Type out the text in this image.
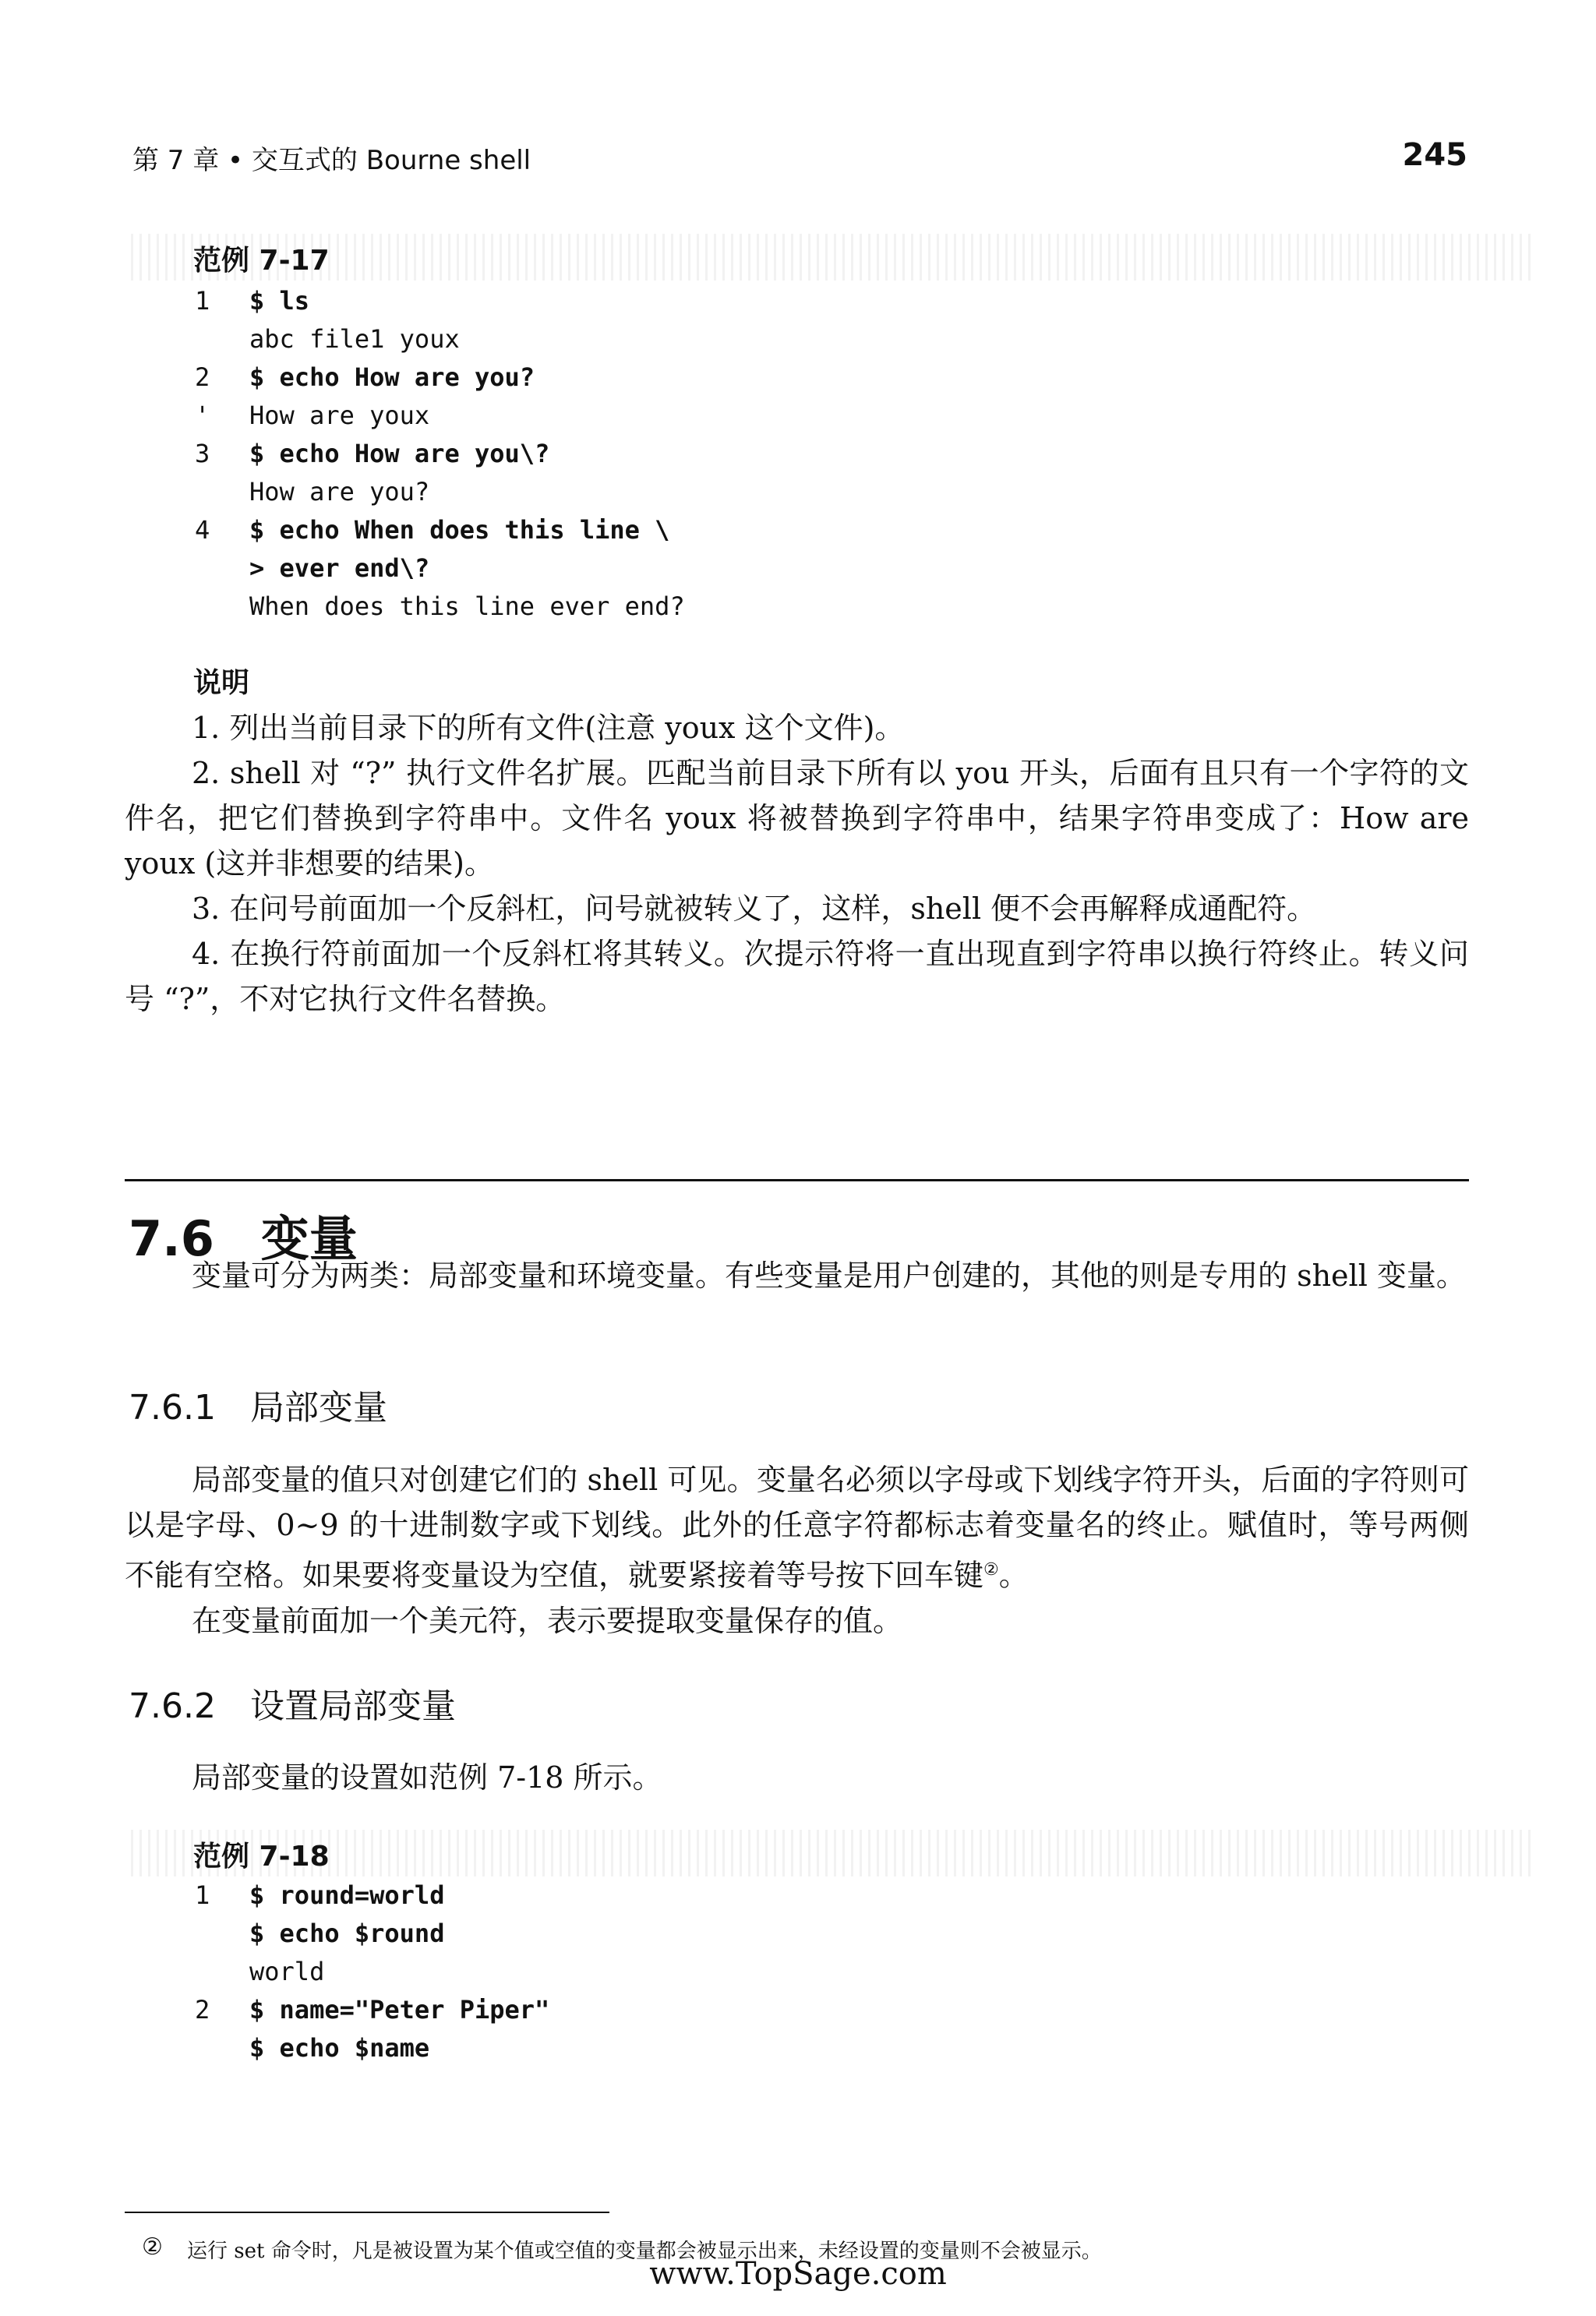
第 7 章 • 交互式的 Bourne shell	245
范例 7-17
1	$ ls
abc file1 youx
2	$ echo How are you?
'	How are youx
3	$ echo How are you\?
How are you?
4	$ echo When does this line \
> ever end\?
When does this line ever end?
说明
1. 列出当前目录下的所有文件(注意 youx 这个文件)。
2. shell 对 “?” 执行文件名扩展。匹配当前目录下所有以 you 开头，后面有且只有一个字符的文件名，把它们替换到字符串中。文件名 youx 将被替换到字符串中，结果字符串变成了：How are youx (这并非想要的结果)。
3. 在问号前面加一个反斜杠，问号就被转义了，这样，shell 便不会再解释成通配符。
4. 在换行符前面加一个反斜杠将其转义。次提示符将一直出现直到字符串以换行符终止。转义问号 “?”，不对它执行文件名替换。
7.6 变量
变量可分为两类：局部变量和环境变量。有些变量是用户创建的，其他的则是专用的 shell 变量。
7.6.1 局部变量
局部变量的值只对创建它们的 shell 可见。变量名必须以字母或下划线字符开头，后面的字符则可以是字母、0~9 的十进制数字或下划线。此外的任意字符都标志着变量名的终止。赋值时，等号两侧不能有空格。如果要将变量设为空值，就要紧接着等号按下回车键②。
在变量前面加一个美元符，表示要提取变量保存的值。
7.6.2 设置局部变量
局部变量的设置如范例 7-18 所示。
范例 7-18
1	$ round=world
$ echo $round
world
2	$ name="Peter Piper"
$ echo $name
② 运行 set 命令时，凡是被设置为某个值或空值的变量都会被显示出来，未经设置的变量则不会被显示。
www.TopSage.com
